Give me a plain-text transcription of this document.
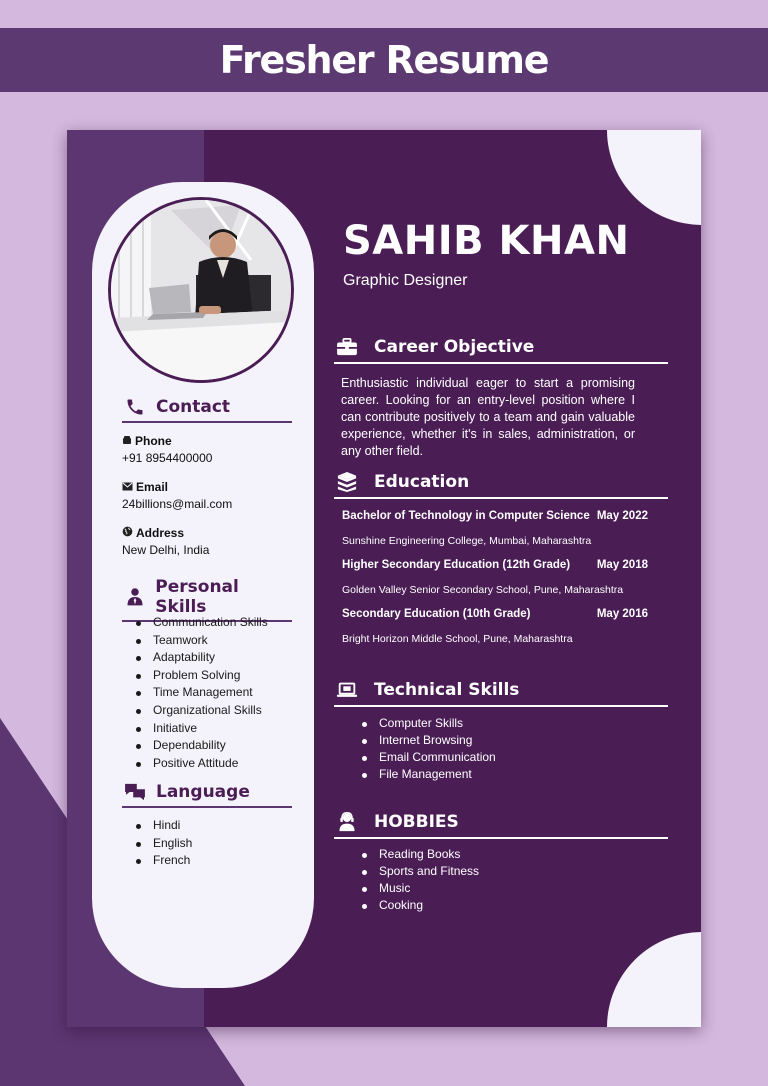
Fresher Resume
Contact
Phone
+91 8954400000
Email
24billions@mail.com
Address
New Delhi, India
Personal Skills
Communication Skills
Teamwork
Adaptability
Problem Solving
Time Management
Organizational Skills
Initiative
Dependability
Positive Attitude
Language
Hindi
English
French
SAHIB KHAN
Graphic Designer
Career Objective
Enthusiastic individual eager to start a promising career. Looking for an entry-level position where I can contribute positively to a team and gain valuable experience, whether it's in sales, administration, or any other field.
Education
Bachelor of Technology in Computer Science May 2022
Sunshine Engineering College, Mumbai, Maharashtra
Higher Secondary Education (12th Grade) May 2018
Golden Valley Senior Secondary School, Pune, Maharashtra
Secondary Education (10th Grade)	May 2016
Bright Horizon Middle School, Pune, Maharashtra
Technical Skills
Computer Skills
Internet Browsing
Email Communication
File Management
HOBBIES
Reading Books
Sports and Fitness
Music
Cooking
